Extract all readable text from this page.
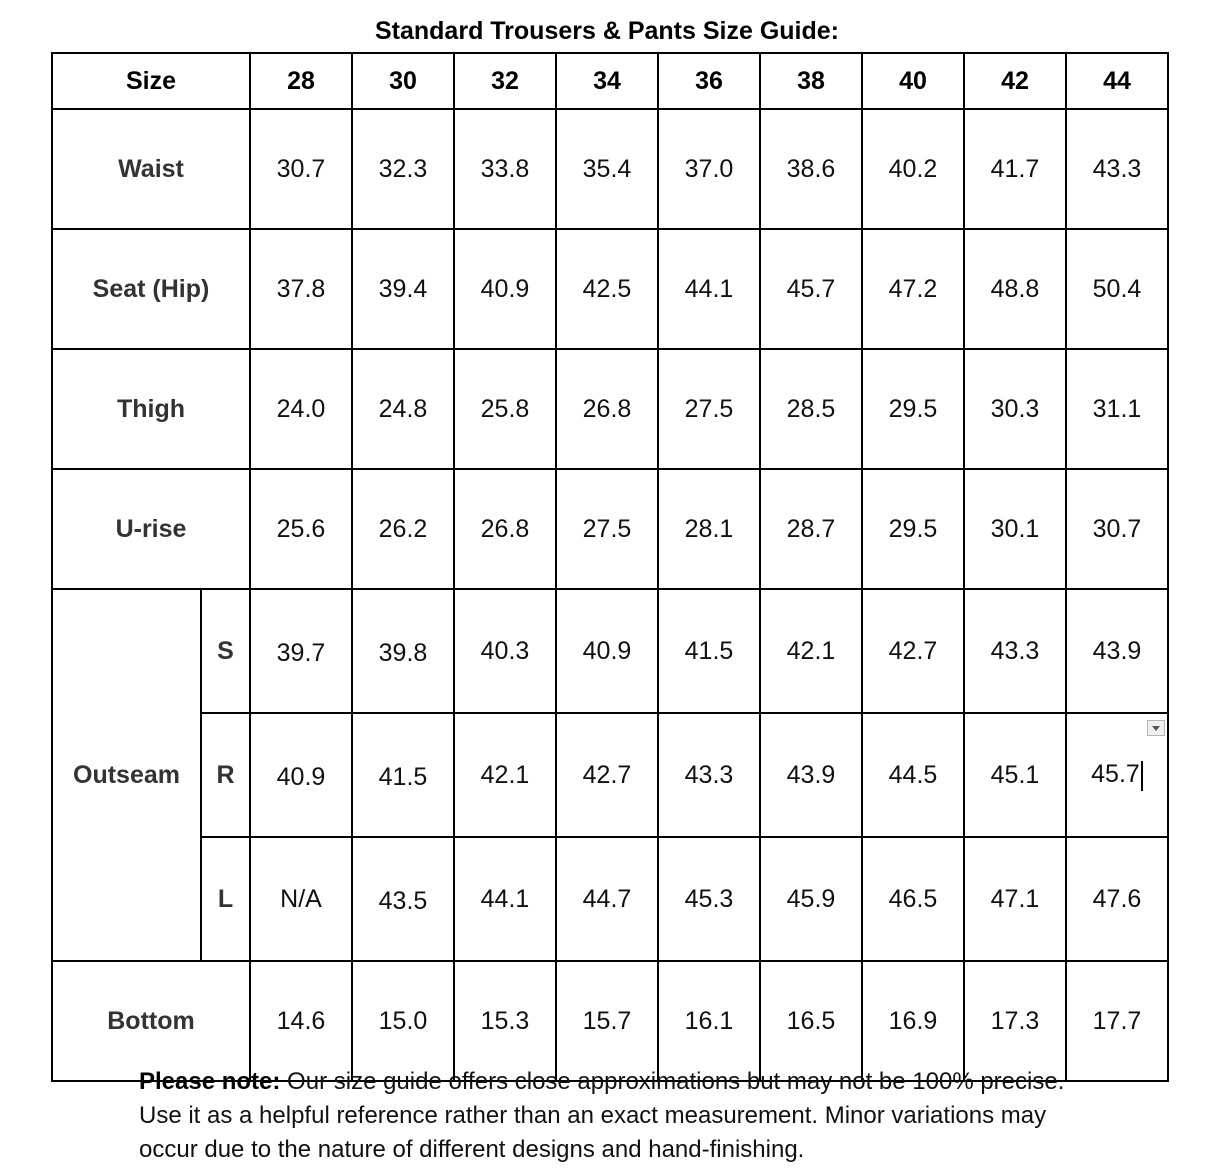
Standard Trousers & Pants Size Guide:
Size		28	30	32	34	36	38	40	42	44
Waist		30.7	32.3	33.8	35.4	37.0	38.6	40.2	41.7	43.3
Seat (Hip)		37.8	39.4	40.9	42.5	44.1	45.7	47.2	48.8	50.4
Thigh		24.0	24.8	25.8	26.8	27.5	28.5	29.5	30.3	31.1
U-rise		25.6	26.2	26.8	27.5	28.1	28.7	29.5	30.1	30.7
Outseam	S	39.7	39.8	40.3	40.9	41.5	42.1	42.7	43.3	43.9
	R	40.9	41.5	42.1	42.7	43.3	43.9	44.5	45.1	45.7

	L	N/A	43.5	44.1	44.7	45.3	45.9	46.5	47.1	47.6
Bottom		14.6	15.0	15.3	15.7	16.1	16.5	16.9	17.3	17.7
Please note: Our size guide offers close approximations but may not be 100% precise. Use it as a helpful reference rather than an exact measurement. Minor variations may occur due to the nature of different designs and hand-finishing.
